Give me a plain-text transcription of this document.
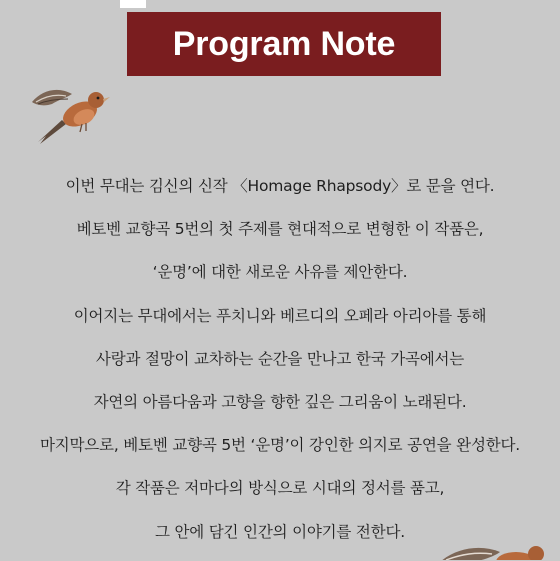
Program Note
이번 무대는 김신의 신작 〈Homage Rhapsody〉로 문을 연다.
베토벤 교향곡 5번의 첫 주제를 현대적으로 변형한 이 작품은,
‘운명’에 대한 새로운 사유를 제안한다.
이어지는 무대에서는 푸치니와 베르디의 오페라 아리아를 통해
사랑과 절망이 교차하는 순간을 만나고 한국 가곡에서는
자연의 아름다움과 고향을 향한 깊은 그리움이 노래된다.
마지막으로, 베토벤 교향곡 5번 ‘운명’이 강인한 의지로 공연을 완성한다.
각 작품은 저마다의 방식으로 시대의 정서를 품고,
그 안에 담긴 인간의 이야기를 전한다.
